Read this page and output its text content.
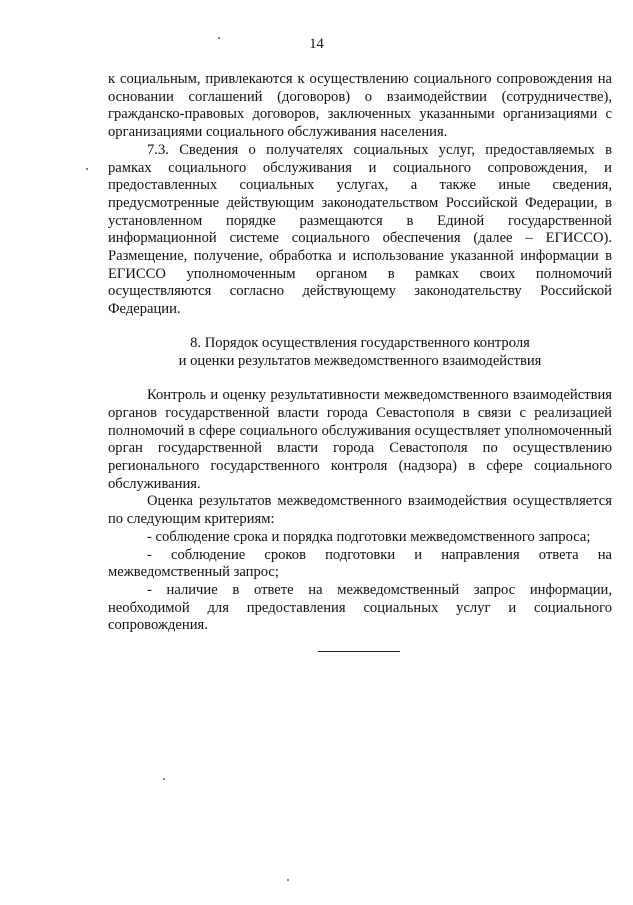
14

к социальным, привлекаются к осуществлению социального сопровождения на основании соглашений (договоров) о взаимодействии (сотрудничестве), гражданско-правовых договоров, заключенных указанными организациями с организациями социального обслуживания населения.

7.3. Сведения о получателях социальных услуг, предоставляемых в рамках социального обслуживания и социального сопровождения, и предоставленных социальных услугах, а также иные сведения, предусмотренные действующим законодательством Российской Федерации, в установленном порядке размещаются в Единой государственной информационной системе социального обеспечения (далее – ЕГИССО). Размещение, получение, обработка и использование указанной информации в ЕГИССО уполномоченным органом в рамках своих полномочий осуществляются согласно действующему законодательству Российской Федерации.

8. Порядок осуществления государственного контроля
и оценки результатов межведомственного взаимодействия

Контроль и оценку результативности межведомственного взаимодействия органов государственной власти города Севастополя в связи с реализацией полномочий в сфере социального обслуживания осуществляет уполномоченный орган государственной власти города Севастополя по осуществлению регионального государственного контроля (надзора) в сфере социального обслуживания.

Оценка результатов межведомственного взаимодействия осуществляется по следующим критериям:

- соблюдение срока и порядка подготовки межведомственного запроса;

- соблюдение сроков подготовки и направления ответа на межведомственный запрос;

- наличие в ответе на межведомственный запрос информации, необходимой для предоставления социальных услуг и социального сопровождения.
